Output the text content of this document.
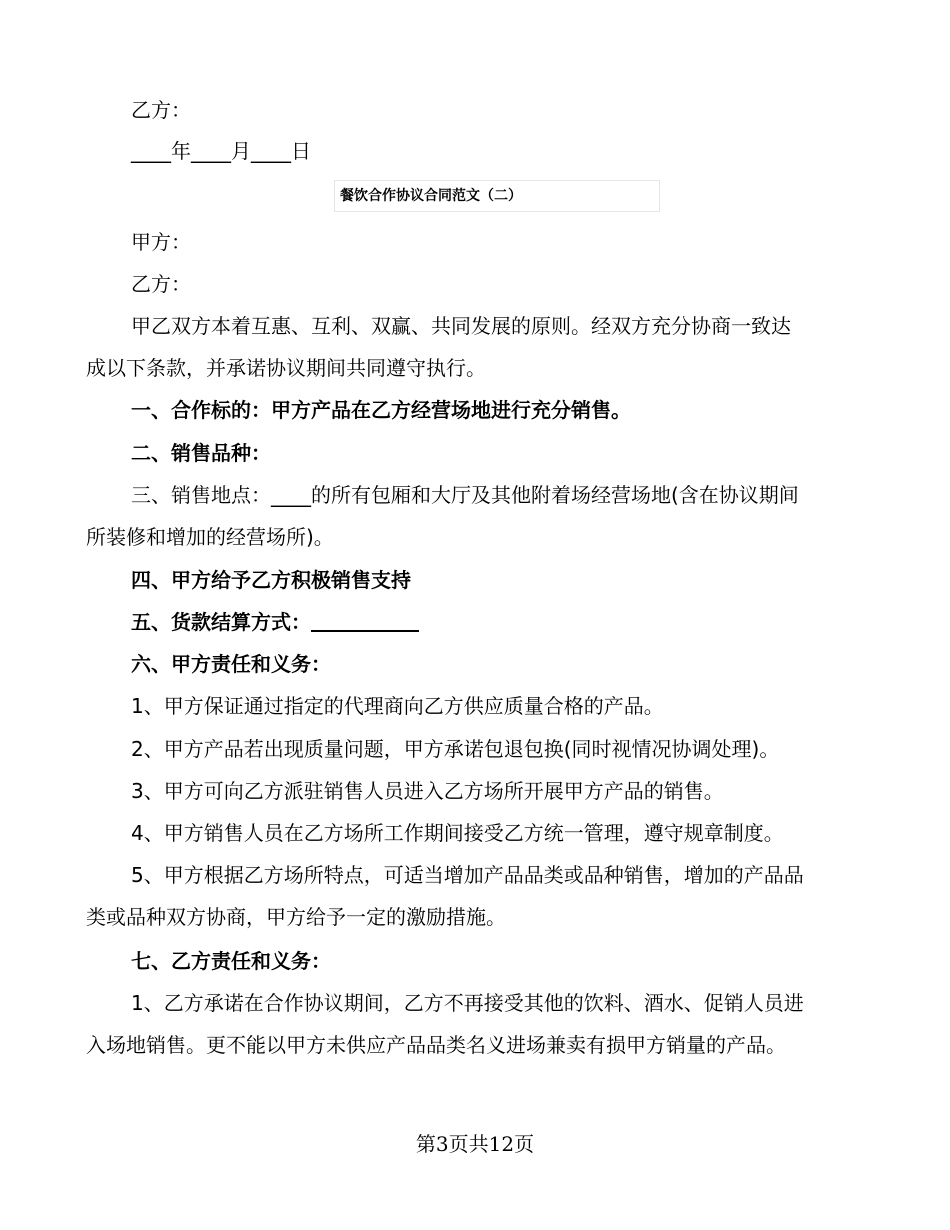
乙方：
____年____月____日
餐饮合作协议合同范文（二）
甲方：
乙方：
甲乙双方本着互惠、互利、双赢、共同发展的原则。经双方充分协商一致达
成以下条款，并承诺协议期间共同遵守执行。
一、合作标的：甲方产品在乙方经营场地进行充分销售。
二、销售品种：
三、销售地点：____的所有包厢和大厅及其他附着场经营场地(含在协议期间
所装修和增加的经营场所)。
四、甲方给予乙方积极销售支持
五、货款结算方式：
六、甲方责任和义务：
1、甲方保证通过指定的代理商向乙方供应质量合格的产品。
2、甲方产品若出现质量问题，甲方承诺包退包换(同时视情况协调处理)。
3、甲方可向乙方派驻销售人员进入乙方场所开展甲方产品的销售。
4、甲方销售人员在乙方场所工作期间接受乙方统一管理，遵守规章制度。
5、甲方根据乙方场所特点，可适当增加产品品类或品种销售，增加的产品品
类或品种双方协商，甲方给予一定的激励措施。
七、乙方责任和义务：
1、乙方承诺在合作协议期间，乙方不再接受其他的饮料、酒水、促销人员进
入场地销售。更不能以甲方未供应产品品类名义进场兼卖有损甲方销量的产品。
第3页共12页
